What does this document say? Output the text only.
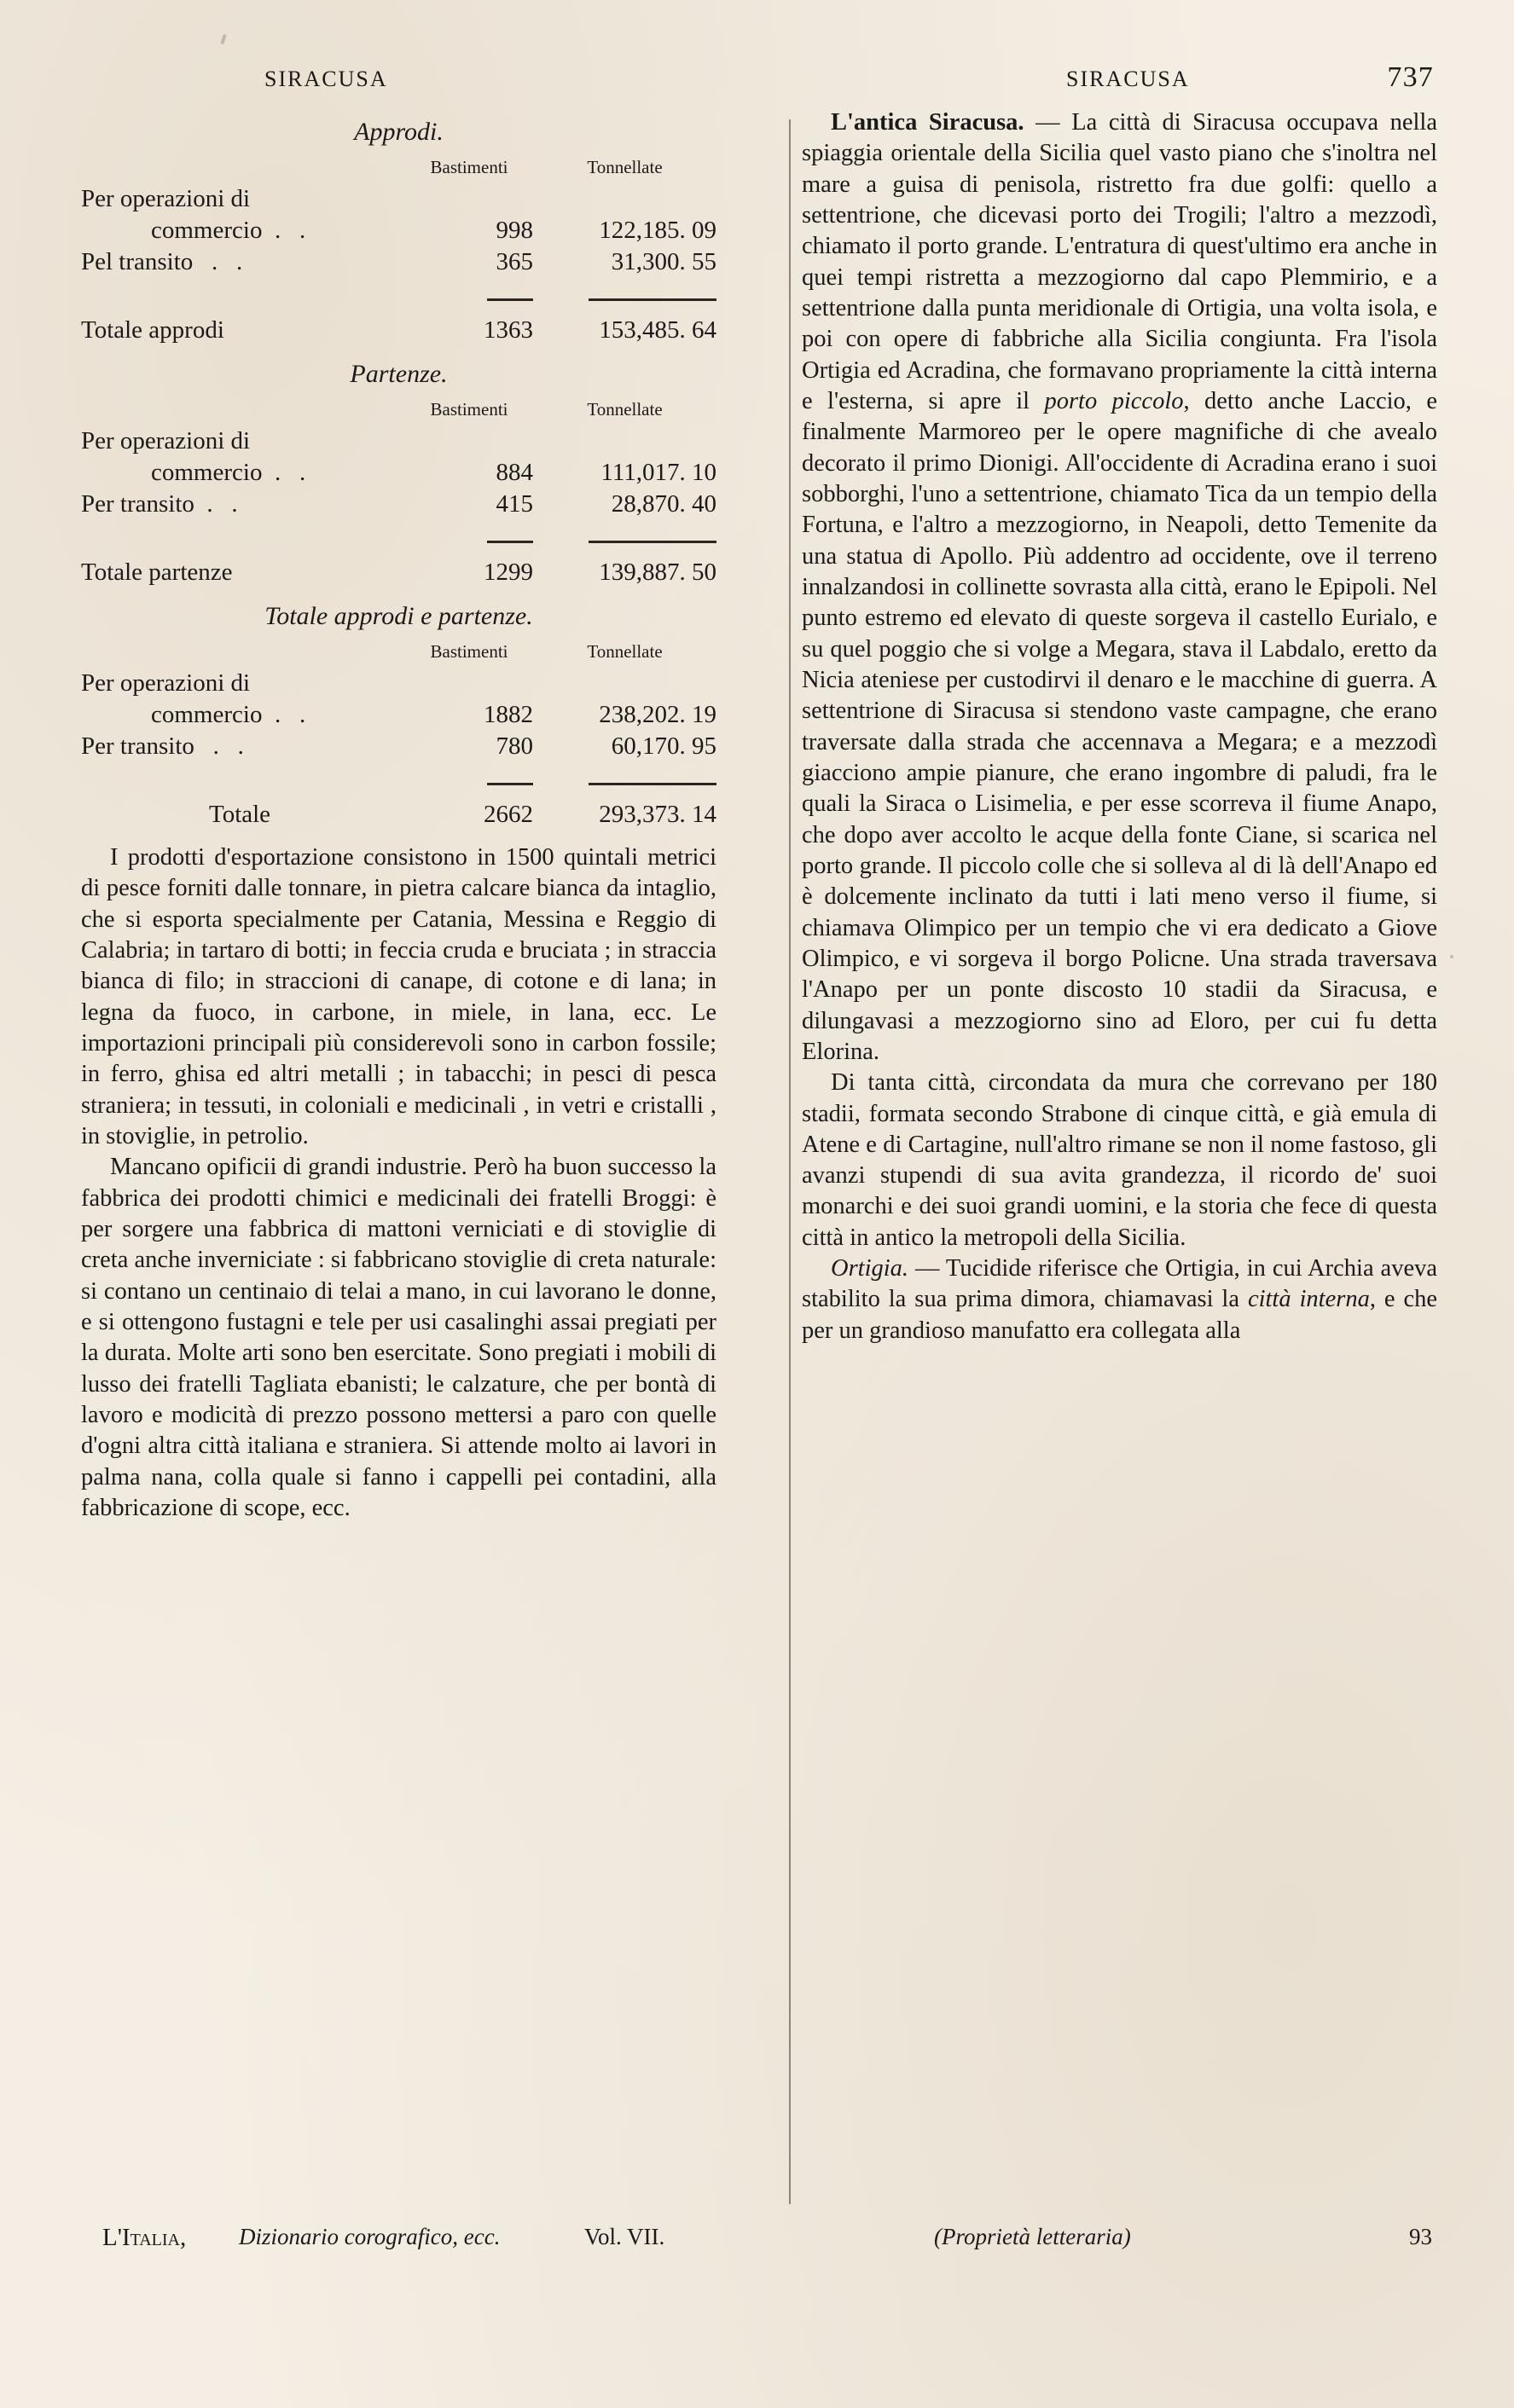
SIRACUSA
Approdi.
	Bastimenti	Tonnellate
Per operazioni di		
commercio  .   .	998	122,185. 09
Pel transito   .   .	365	31,300. 55

Totale approdi	1363	153,485. 64
Partenze.
	Bastimenti	Tonnellate
Per operazioni di		
commercio  .   .	884	111,017. 10
Per transito  .   .	415	28,870. 40

Totale partenze	1299	139,887. 50
Totale approdi e partenze.
	Bastimenti	Tonnellate
Per operazioni di		
commercio  .   .	1882	238,202. 19
Per transito   .   .	780	60,170. 95

Totale	2662	293,373. 14

I prodotti d'esportazione consistono in 1500 quintali metrici di pesce forniti dalle tonnare, in pietra calcare bianca da intaglio, che si esporta specialmente per Catania, Messina e Reggio di Calabria; in tartaro di botti; in feccia cruda e bruciata ; in straccia bianca di filo; in straccioni di canape, di cotone e di lana; in legna da fuoco, in carbone, in miele, in lana, ecc. Le importazioni principali più considerevoli sono in carbon fossile; in ferro, ghisa ed altri metalli ; in tabacchi; in pesci di pesca straniera; in tessuti, in coloniali e medicinali , in vetri e cristalli , in stoviglie, in petrolio.

Mancano opificii di grandi industrie. Però ha buon successo la fabbrica dei prodotti chimici e medicinali dei fratelli Broggi: è per sorgere una fabbrica di mattoni verniciati e di stoviglie di creta anche inverniciate : si fabbricano stoviglie di creta naturale: si contano un centinaio di telai a mano, in cui lavorano le donne, e si ottengono fustagni e tele per usi casalinghi assai pregiati per la durata. Molte arti sono ben esercitate. Sono pregiati i mobili di lusso dei fratelli Tagliata ebanisti; le calzature, che per bontà di lavoro e modicità di prezzo possono mettersi a paro con quelle d'ogni altra città italiana e straniera. Si attende molto ai lavori in palma nana, colla quale si fanno i cappelli pei contadini, alla fabbricazione di scope, ecc.

SIRACUSA	737

L'antica Siracusa. — La città di Siracusa occupava nella spiaggia orientale della Sicilia quel vasto piano che s'inoltra nel mare a guisa di penisola, ristretto fra due golfi: quello a settentrione, che dicevasi porto dei Trogili; l'altro a mezzodì, chiamato il porto grande. L'entratura di quest'ultimo era anche in quei tempi ristretta a mezzogiorno dal capo Plemmirio, e a settentrione dalla punta meridionale di Ortigia, una volta isola, e poi con opere di fabbriche alla Sicilia congiunta. Fra l'isola Ortigia ed Acradina, che formavano propriamente la città interna e l'esterna, si apre il porto piccolo, detto anche Laccio, e finalmente Marmoreo per le opere magnifiche di che avealo decorato il primo Dionigi. All'occidente di Acradina erano i suoi sobborghi, l'uno a settentrione, chiamato Tica da un tempio della Fortuna, e l'altro a mezzogiorno, in Neapoli, detto Temenite da una statua di Apollo. Più addentro ad occidente, ove il terreno innalzandosi in collinette sovrasta alla città, erano le Epipoli. Nel punto estremo ed elevato di queste sorgeva il castello Eurialo, e su quel poggio che si volge a Megara, stava il Labdalo, eretto da Nicia ateniese per custodirvi il denaro e le macchine di guerra. A settentrione di Siracusa si stendono vaste campagne, che erano traversate dalla strada che accennava a Megara; e a mezzodì giacciono ampie pianure, che erano ingombre di paludi, fra le quali la Siraca o Lisimelia, e per esse scorreva il fiume Anapo, che dopo aver accolto le acque della fonte Ciane, si scarica nel porto grande. Il piccolo colle che si solleva al di là dell'Anapo ed è dolcemente inclinato da tutti i lati meno verso il fiume, si chiamava Olimpico per un tempio che vi era dedicato a Giove Olimpico, e vi sorgeva il borgo Policne. Una strada traversava l'Anapo per un ponte discosto 10 stadii da Siracusa, e dilungavasi a mezzogiorno sino ad Eloro, per cui fu detta Elorina.

Di tanta città, circondata da mura che correvano per 180 stadii, formata secondo Strabone di cinque città, e già emula di Atene e di Cartagine, null'altro rimane se non il nome fastoso, gli avanzi stupendi di sua avita grandezza, il ricordo de' suoi monarchi e dei suoi grandi uomini, e la storia che fece di questa città in antico la metropoli della Sicilia.

Ortigia. — Tucidide riferisce che Ortigia, in cui Archia aveva stabilito la sua prima dimora, chiamavasi la città interna, e che per un grandioso manufatto era collegata alla

L'Italia, Dizionario corografico, ecc.	Vol. VII.	(Proprietà letteraria)	93
